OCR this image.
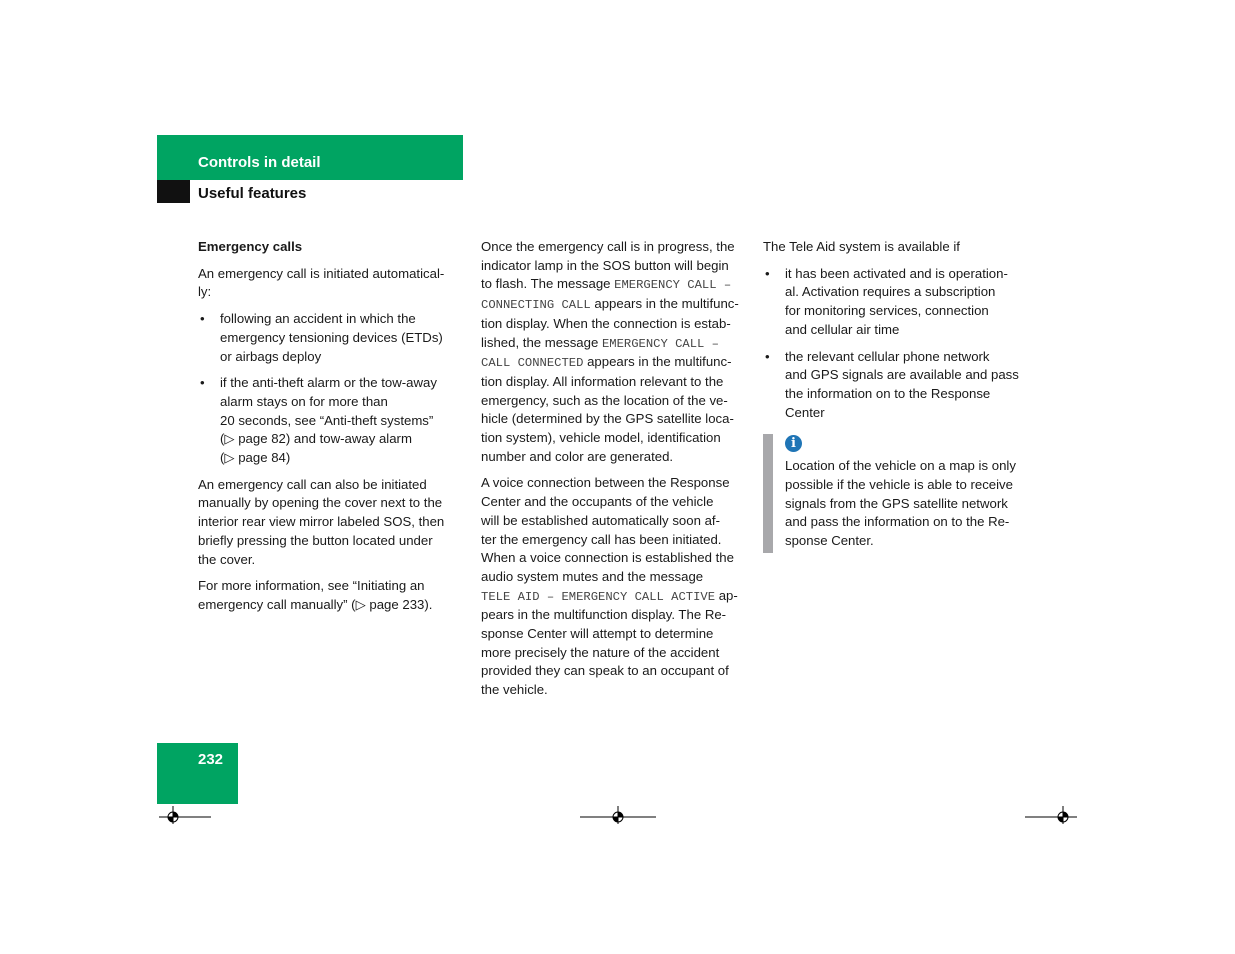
Controls in detail
Useful features

Emergency calls

An emergency call is initiated automatical-
ly:

• following an accident in which the
emergency tensioning devices (ETDs)
or airbags deploy
• if the anti-theft alarm or the tow-away
alarm stays on for more than
20 seconds, see “Anti-theft systems”
(▷ page 82) and tow-away alarm
(▷ page 84)

An emergency call can also be initiated
manually by opening the cover next to the
interior rear view mirror labeled SOS, then
briefly pressing the button located under
the cover.

For more information, see “Initiating an
emergency call manually” (▷ page 233).

Once the emergency call is in progress, the
indicator lamp in the SOS button will begin
to flash. The message EMERGENCY CALL –
CONNECTING CALL appears in the multifunc-
tion display. When the connection is estab-
lished, the message EMERGENCY CALL –
CALL CONNECTED appears in the multifunc-
tion display. All information relevant to the
emergency, such as the location of the ve-
hicle (determined by the GPS satellite loca-
tion system), vehicle model, identification
number and color are generated.

A voice connection between the Response
Center and the occupants of the vehicle
will be established automatically soon af-
ter the emergency call has been initiated.
When a voice connection is established the
audio system mutes and the message
TELE AID – EMERGENCY CALL ACTIVE ap-
pears in the multifunction display. The Re-
sponse Center will attempt to determine
more precisely the nature of the accident
provided they can speak to an occupant of
the vehicle.

The Tele Aid system is available if

• it has been activated and is operation-
al. Activation requires a subscription
for monitoring services, connection
and cellular air time
• the relevant cellular phone network
and GPS signals are available and pass
the information on to the Response
Center
i
Location of the vehicle on a map is only
possible if the vehicle is able to receive
signals from the GPS satellite network
and pass the information on to the Re-
sponse Center.
232
